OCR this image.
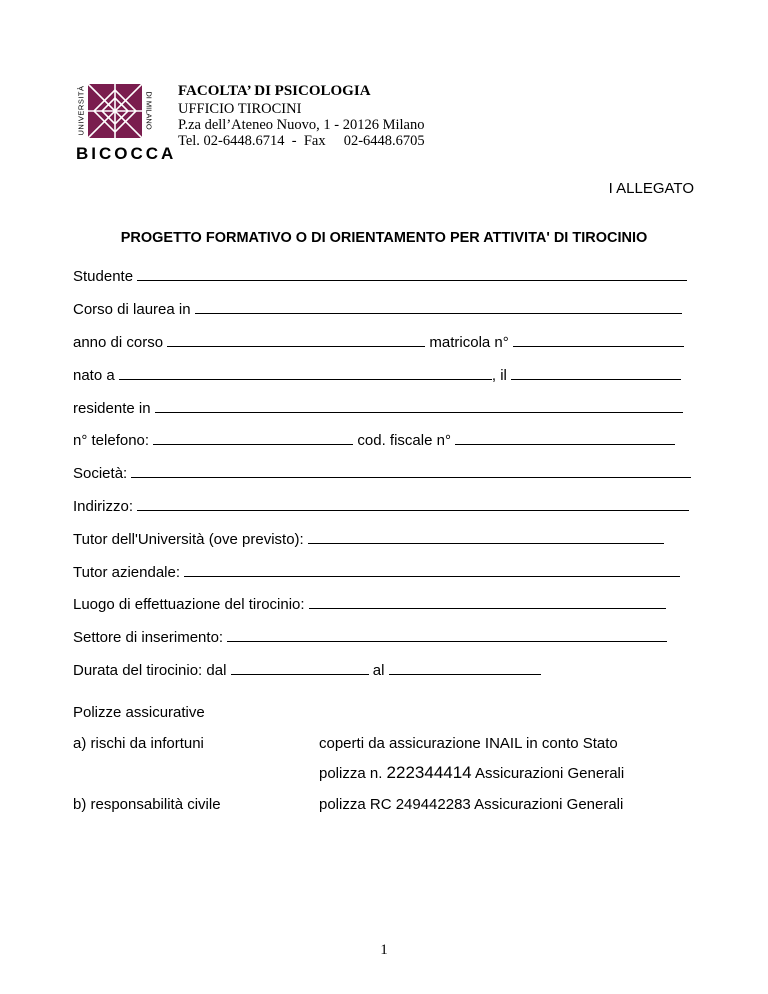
UNIVERSITÀ	DI MILANO
BICOCCA
FACOLTA’ DI PSICOLOGIA
UFFICIO TIROCINI
P.za dell’Ateneo Nuovo, 1 - 20126 Milano
Tel. 02-6448.6714  -  Fax     02-6448.6705
I ALLEGATO
PROGETTO FORMATIVO O DI ORIENTAMENTO PER ATTIVITA' DI TIROCINIO
Studente
Corso di laurea in
anno di corso	matricola n°
nato a	, il
residente in
n° telefono:	cod. fiscale n°
Società:
Indirizzo:
Tutor dell'Università (ove previsto):
Tutor aziendale:
Luogo di effettuazione del tirocinio:
Settore di inserimento:
Durata del tirocinio: dal	al
Polizze assicurative
a) rischi da infortuni	coperti da assicurazione INAIL in conto Stato
polizza n. 222344414 Assicurazioni Generali
b) responsabilità civile	polizza RC 249442283 Assicurazioni Generali
1
